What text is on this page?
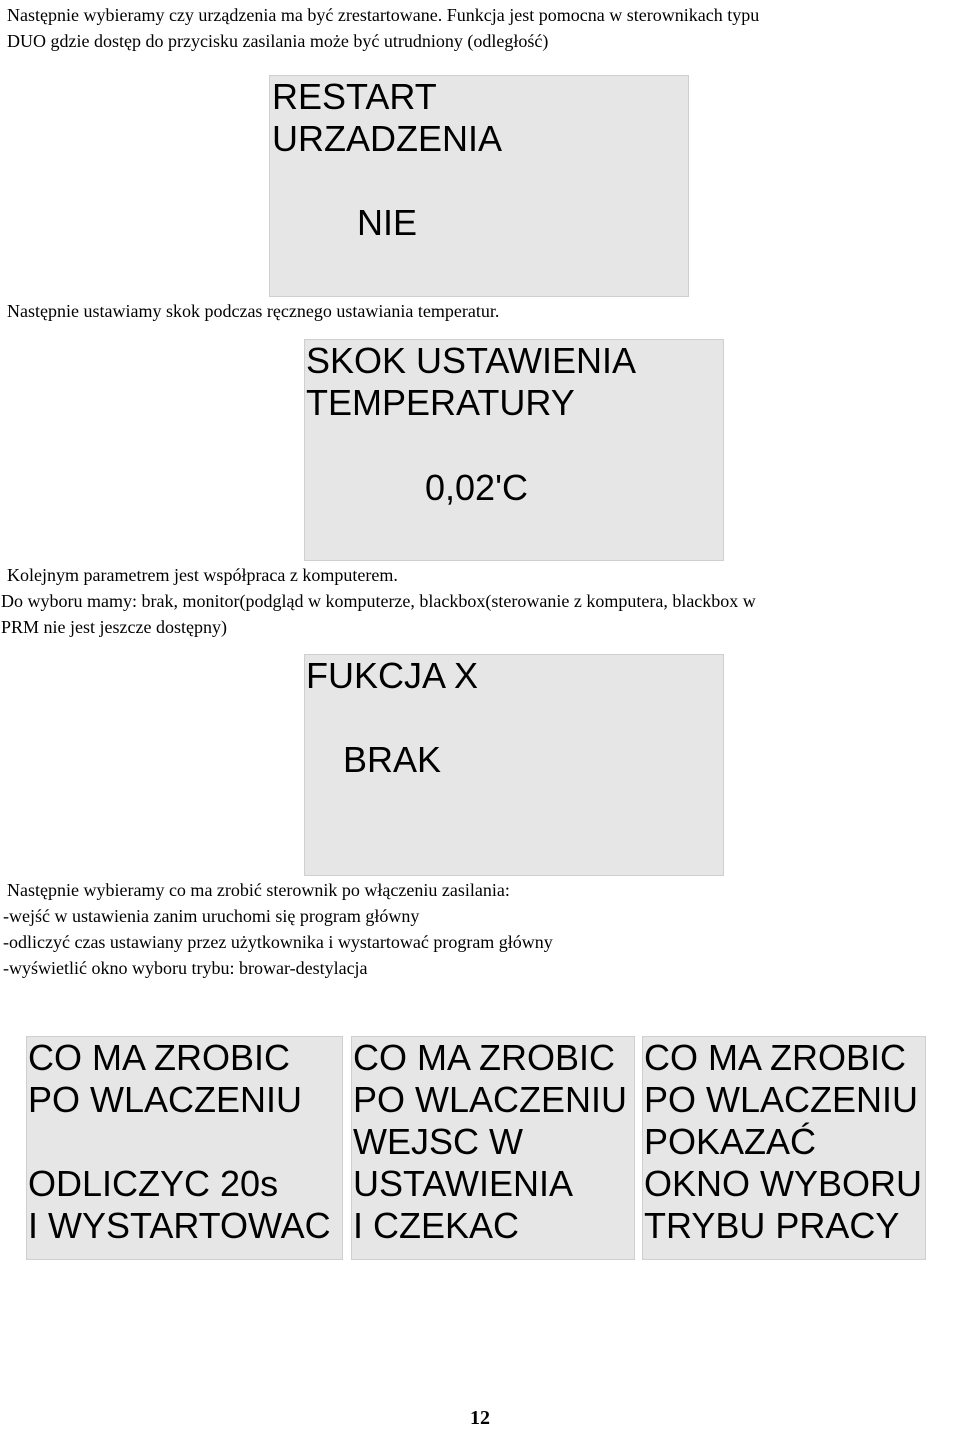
Następnie wybieramy czy urządzenia ma być zrestartowane. Funkcja jest pomocna w sterownikach typu

DUO gdzie dostęp do przycisku zasilania może być utrudniony (odległość)

RESTART
URZADZENIA
NIE

Następnie ustawiamy skok podczas ręcznego ustawiania temperatur.

SKOK USTAWIENIA
TEMPERATURY
0,02'C

Kolejnym parametrem jest współpraca z komputerem.

Do wyboru mamy: brak, monitor(podgląd w komputerze, blackbox(sterowanie z komputera, blackbox w

PRM nie jest jeszcze dostępny)

FUKCJA X
BRAK

Następnie wybieramy co ma zrobić sterownik po włączeniu zasilania:

-wejść w ustawienia zanim uruchomi się program główny

-odliczyć czas ustawiany przez użytkownika i wystartować program główny

-wyświetlić okno wyboru trybu: browar-destylacja

CO MA ZROBIC
PO WLACZENIU
ODLICZYC 20s
I WYSTARTOWAC
CO MA ZROBIC
PO WLACZENIU
WEJSC W
USTAWIENIA
I CZEKAC
CO MA ZROBIC
PO WLACZENIU
POKAZAĆ
OKNO WYBORU
TRYBU PRACY
12
